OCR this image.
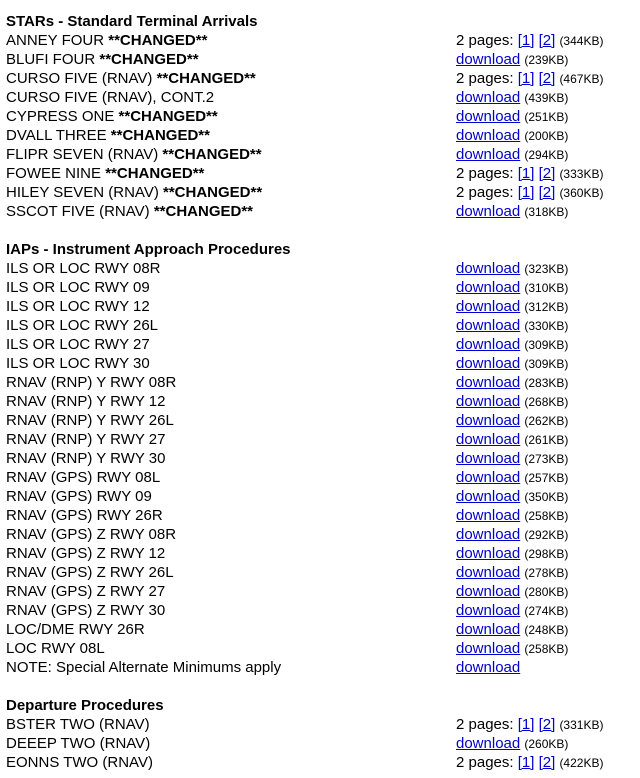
STARs - Standard Terminal Arrivals
ANNEY FOUR **CHANGED**	2 pages: [1] [2] (344KB)
BLUFI FOUR **CHANGED**	download (239KB)
CURSO FIVE (RNAV) **CHANGED**	2 pages: [1] [2] (467KB)
CURSO FIVE (RNAV), CONT.2	download (439KB)
CYPRESS ONE **CHANGED**	download (251KB)
DVALL THREE **CHANGED**	download (200KB)
FLIPR SEVEN (RNAV) **CHANGED**	download (294KB)
FOWEE NINE **CHANGED**	2 pages: [1] [2] (333KB)
HILEY SEVEN (RNAV) **CHANGED**	2 pages: [1] [2] (360KB)
SSCOT FIVE (RNAV) **CHANGED**	download (318KB)
IAPs - Instrument Approach Procedures
ILS OR LOC RWY 08R	download (323KB)
ILS OR LOC RWY 09	download (310KB)
ILS OR LOC RWY 12	download (312KB)
ILS OR LOC RWY 26L	download (330KB)
ILS OR LOC RWY 27	download (309KB)
ILS OR LOC RWY 30	download (309KB)
RNAV (RNP) Y RWY 08R	download (283KB)
RNAV (RNP) Y RWY 12	download (268KB)
RNAV (RNP) Y RWY 26L	download (262KB)
RNAV (RNP) Y RWY 27	download (261KB)
RNAV (RNP) Y RWY 30	download (273KB)
RNAV (GPS) RWY 08L	download (257KB)
RNAV (GPS) RWY 09	download (350KB)
RNAV (GPS) RWY 26R	download (258KB)
RNAV (GPS) Z RWY 08R	download (292KB)
RNAV (GPS) Z RWY 12	download (298KB)
RNAV (GPS) Z RWY 26L	download (278KB)
RNAV (GPS) Z RWY 27	download (280KB)
RNAV (GPS) Z RWY 30	download (274KB)
LOC/DME RWY 26R	download (248KB)
LOC RWY 08L	download (258KB)
NOTE: Special Alternate Minimums apply	download
Departure Procedures
BSTER TWO (RNAV)	2 pages: [1] [2] (331KB)
DEEEP TWO (RNAV)	download (260KB)
EONNS TWO (RNAV)	2 pages: [1] [2] (422KB)
